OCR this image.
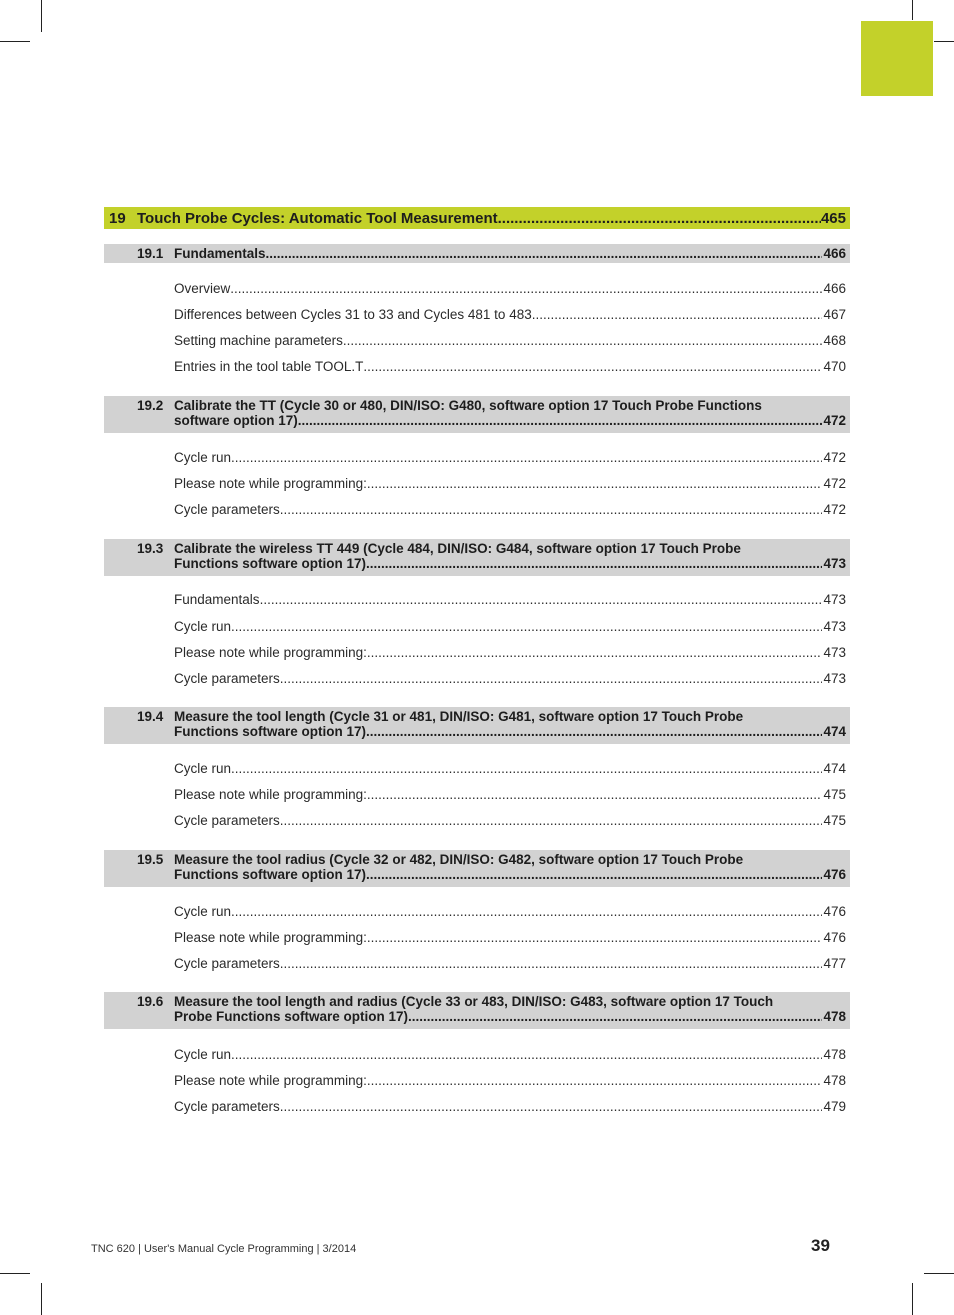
19 Touch Probe Cycles: Automatic Tool Measurement .....	465
19.1 Fundamentals .....	466
Overview .....	466
Differences between Cycles 31 to 33 and Cycles 481 to 483 .....	467
Setting machine parameters .....	468
Entries in the tool table TOOL.T .....	470
19.2 Calibrate the TT (Cycle 30 or 480, DIN/ISO: G480, software option 17 Touch Probe Functions
software option 17) .....	472
Cycle run .....	472
Please note while programming: .....	472
Cycle parameters .....	472
19.3 Calibrate the wireless TT 449 (Cycle 484, DIN/ISO: G484, software option 17 Touch Probe
Functions software option 17) .....	473
Fundamentals .....	473
Cycle run .....	473
Please note while programming: .....	473
Cycle parameters .....	473
19.4 Measure the tool length (Cycle 31 or 481, DIN/ISO: G481, software option 17 Touch Probe
Functions software option 17) .....	474
Cycle run .....	474
Please note while programming: .....	475
Cycle parameters .....	475
19.5 Measure the tool radius (Cycle 32 or 482, DIN/ISO: G482, software option 17 Touch Probe
Functions software option 17) .....	476
Cycle run .....	476
Please note while programming: .....	476
Cycle parameters .....	477
19.6 Measure the tool length and radius (Cycle 33 or 483, DIN/ISO: G483, software option 17 Touch
Probe Functions software option 17) .....	478
Cycle run .....	478
Please note while programming: .....	478
Cycle parameters .....	479
TNC 620 | User's Manual Cycle Programming | 3/2014	39
